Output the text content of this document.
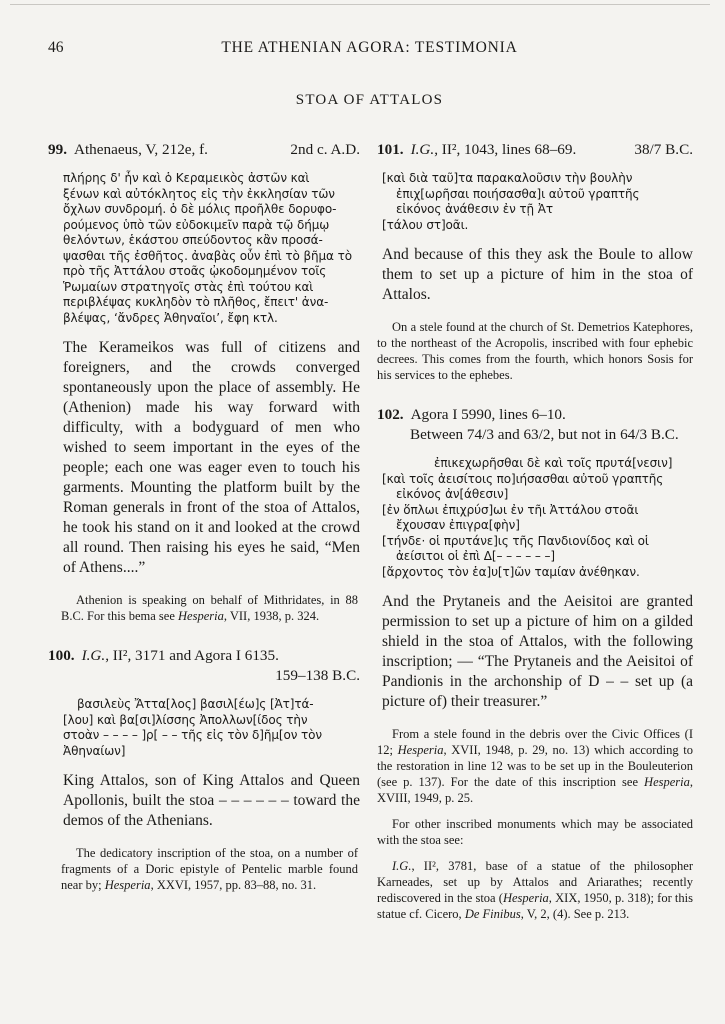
46	THE ATHENIAN AGORA: TESTIMONIA
STOA OF ATTALOS
99. Athenaeus, V, 212e, f.	2nd c. A.D.
πλήρης δ' ἦν καὶ ὁ Κεραμεικὸς ἀστῶν καὶ
ξένων καὶ αὐτόκλητος εἰς τὴν ἐκκλησίαν τῶν
ὄχλων συνδρομή. ὁ δὲ μόλις προῆλθε δορυφο-
ρούμενος ὑπὸ τῶν εὐδοκιμεῖν παρὰ τῷ δήμῳ
θελόντων, ἑκάστου σπεύδοντος κἂν προσά-
ψασθαι τῆς ἐσθῆτος. ἀναβὰς οὖν ἐπὶ τὸ βῆμα τὸ
πρὸ τῆς Ἀττάλου στοᾶς ᾠκοδομημένον τοῖς
Ῥωμαίων στρατηγοῖς στὰς ἐπὶ τούτου καὶ
περιβλέψας κυκληδὸν τὸ πλῆθος, ἔπειτ' ἀνα-
βλέψας, ‘ἄνδρες Ἀθηναῖοι’, ἔφη κτλ.

The Kerameikos was full of citizens and foreigners, and the crowds converged spontaneously upon the place of assembly. He (Athenion) made his way forward with difficulty, with a bodyguard of men who wished to seem important in the eyes of the people; each one was eager even to touch his garments. Mounting the platform built by the Roman generals in front of the stoa of Attalos, he took his stand on it and looked at the crowd all round. Then raising his eyes he said, “Men of Athens....”

Athenion is speaking on behalf of Mithridates, in 88 B.C. For this bema see Hesperia, VII, 1938, p. 324.

100. I.G., II², 3171 and Agora I 6135.
159–138 B.C.
βασιλεὺς Ἄττα[λος] βασιλ[έω]ς [Ἀτ]τά-
[λου] καὶ βα[σι]λίσσης Ἀπολλων[ίδος τὴν
στοὰν – – – – ]ρ[ – – τῆς εἰς τὸν δ]ῆμ[ον τὸν
Ἀθηναίων]

King Attalos, son of King Attalos and Queen Apollonis, built the stoa – – – – – – toward the demos of the Athenians.

The dedicatory inscription of the stoa, on a number of fragments of a Doric epistyle of Pentelic marble found near by; Hesperia, XXVI, 1957, pp. 83–88, no. 31.

101. I.G., II², 1043, lines 68–69.	38/7 B.C.
[καὶ διὰ ταῦ]τα παρακαλοῦσιν τὴν βουλὴν
ἐπιχ[ωρῆσαι ποιήσασθα]ι αὐτοῦ γραπτῆς
εἰκόνος ἀνάθεσιν ἐν τῇ Ἀτ
[τάλου στ]οᾶι.

And because of this they ask the Boule to allow them to set up a picture of him in the stoa of Attalos.

On a stele found at the church of St. Demetrios Katephores, to the northeast of the Acropolis, inscribed with four ephebic decrees. This comes from the fourth, which honors Sosis for his services to the ephebes.

102. Agora I 5990, lines 6–10.
Between 74/3 and 63/2, but not in 64/3 B.C.
ἐπικεχωρῆσθαι δὲ καὶ τοῖς πρυτά[νεσιν]
[καὶ τοῖς ἀεισίτοις πο]ιήσασθαι αὐτοῦ γραπτῆς
εἰκόνος ἀν[άθεσιν]
[ἐν ὅπλωι ἐπιχρύσ]ωι ἐν τῆι Ἀττάλου στοᾶι
ἔχουσαν ἐπιγρα[φὴν]
[τήνδε· οἱ πρυτάνε]ις τῆς Πανδιονίδος καὶ οἱ
ἀείσιτοι οἱ ἐπὶ Δ[– – – – – –]
[ἄρχοντος τὸν ἑα]υ[τ]ῶν ταμίαν ἀνέθηκαν.

And the Prytaneis and the Aeisitoi are granted permission to set up a picture of him on a gilded shield in the stoa of Attalos, with the following inscription; — “The Prytaneis and the Aeisitoi of Pandionis in the archonship of D – – set up (a picture of) their treasurer.”

From a stele found in the debris over the Civic Offices (I 12; Hesperia, XVII, 1948, p. 29, no. 13) which according to the restoration in line 12 was to be set up in the Bouleuterion (see p. 137). For the date of this inscription see Hesperia, XVIII, 1949, p. 25.

For other inscribed monuments which may be associated with the stoa see:

I.G., II², 3781, base of a statue of the philosopher Karneades, set up by Attalos and Ariarathes; recently rediscovered in the stoa (Hesperia, XIX, 1950, p. 318); for this statue cf. Cicero, De Finibus, V, 2, (4). See p. 213.
